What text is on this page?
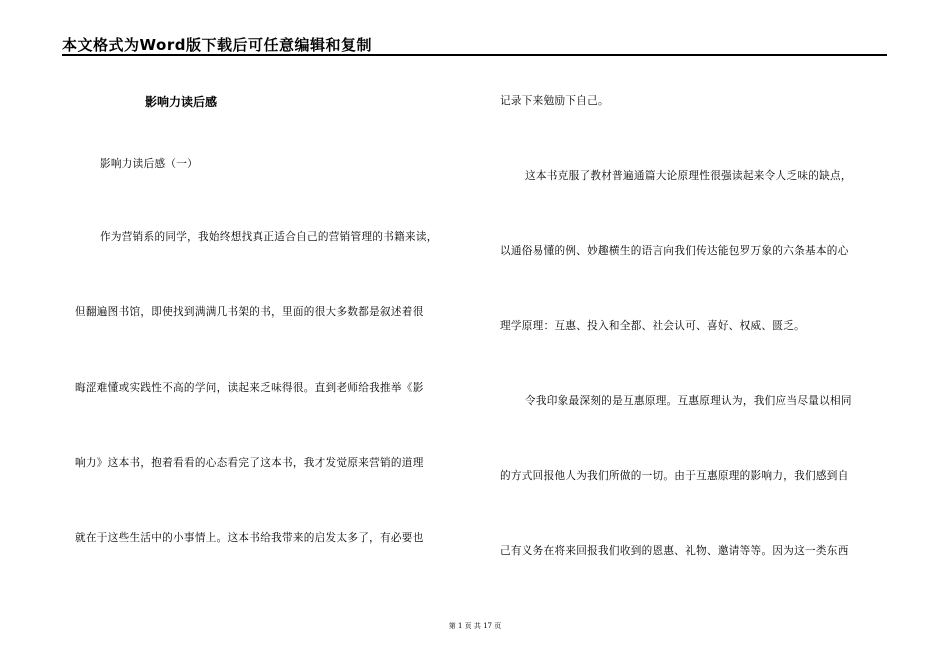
本文格式为Word版下载后可任意编辑和复制
影响力读后感
影响力读后感（一）
作为营销系的同学，我始终想找真正适合自己的营销管理的书籍来读，
但翻遍图书馆，即使找到满满几书架的书，里面的很大多数都是叙述着很
晦涩难懂或实践性不高的学问，读起来乏味得很。直到老师给我推举《影
响力》这本书，抱着看看的心态看完了这本书，我才发觉原来营销的道理
就在于这些生活中的小事情上。这本书给我带来的启发太多了，有必要也
记录下来勉励下自己。
这本书克服了教材普遍通篇大论原理性很强读起来令人乏味的缺点，
以通俗易懂的例、妙趣横生的语言向我们传达能包罗万象的六条基本的心
理学原理：互惠、投入和全都、社会认可、喜好、权威、匮乏。
令我印象最深刻的是互惠原理。互惠原理认为，我们应当尽量以相同
的方式回报他人为我们所做的一切。由于互惠原理的影响力，我们感到自
己有义务在将来回报我们收到的恩惠、礼物、邀请等等。因为这一类东西
第 1 页 共 17 页
